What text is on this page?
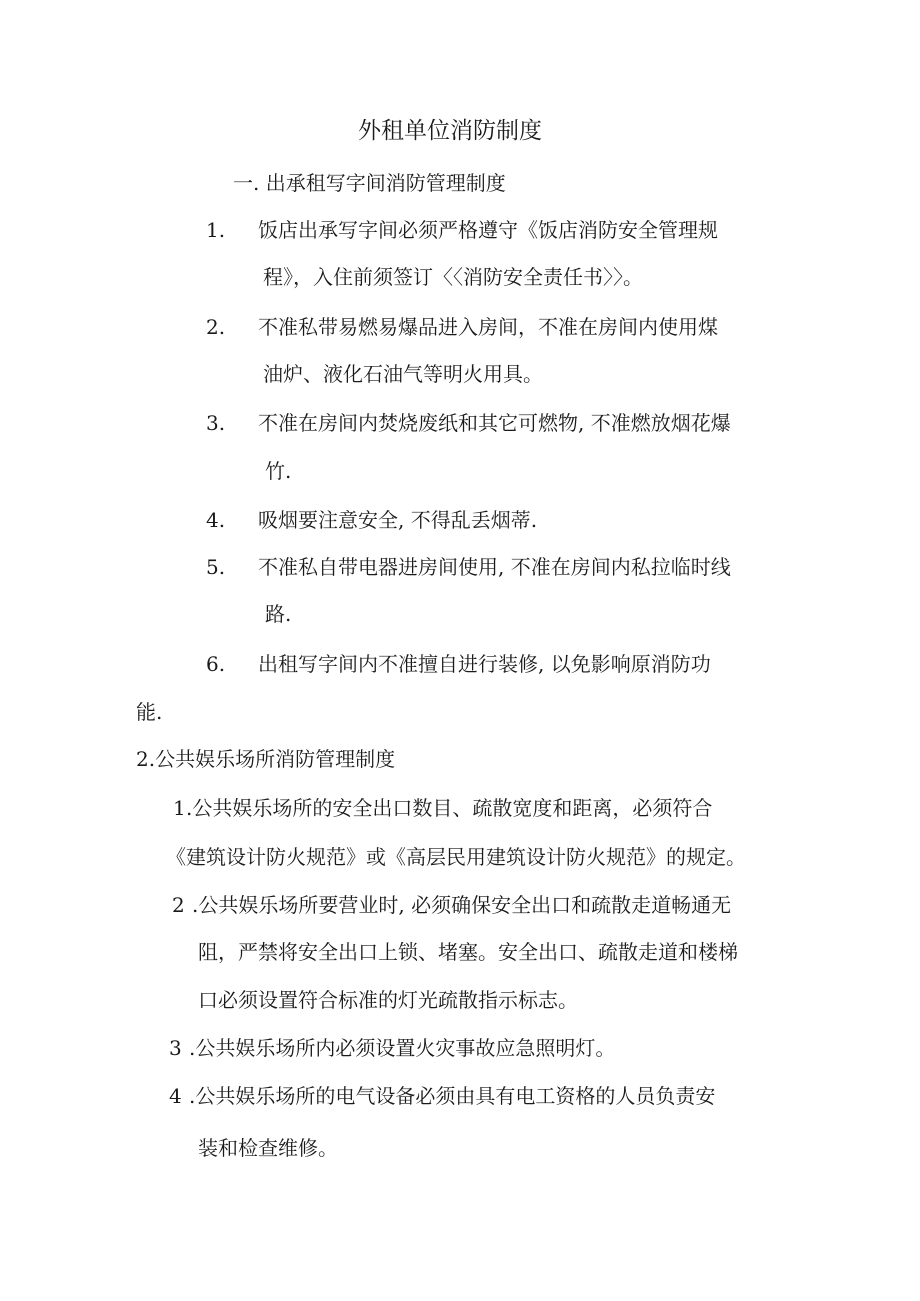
外租单位消防制度
一. 出承租写字间消防管理制度
1. 饭店出承写字间必须严格遵守《饭店消防安全管理规
程》，入住前须签订〈〈消防安全责任书〉〉。
2. 不准私带易燃易爆品进入房间，不准在房间内使用煤
油炉、液化石油气等明火用具。
3. 不准在房间内焚烧废纸和其它可燃物, 不准燃放烟花爆
竹.
4. 吸烟要注意安全, 不得乱丢烟蒂.
5. 不准私自带电器进房间使用, 不准在房间内私拉临时线
路.
6. 出租写字间内不准擅自进行装修, 以免影响原消防功
能.
2.公共娱乐场所消防管理制度
1 .公共娱乐场所的安全出口数目、疏散宽度和距离，必须符合
《建筑设计防火规范》或《高层民用建筑设计防火规范》的规定。
2 .公共娱乐场所要营业时, 必须确保安全出口和疏散走道畅通无
阻，严禁将安全出口上锁、堵塞。安全出口、疏散走道和楼梯
口必须设置符合标准的灯光疏散指示标志。
3 .公共娱乐场所内必须设置火灾事故应急照明灯。
4 .公共娱乐场所的电气设备必须由具有电工资格的人员负责安
装和检查维修。
